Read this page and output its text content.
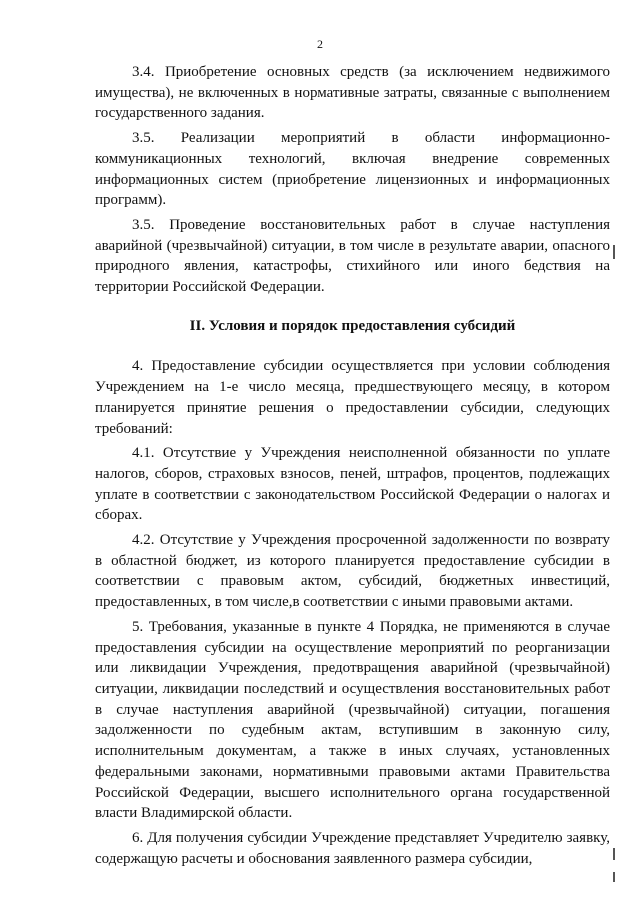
2

3.4. Приобретение основных средств (за исключением недвижимого имущества), не включенных в нормативные затраты, связанные с выполнением государственного задания.

3.5. Реализации мероприятий в области информационно-коммуникационных технологий, включая внедрение современных информационных систем (приобретение лицензионных и информационных программ).

3.5. Проведение восстановительных работ в случае наступления аварийной (чрезвычайной) ситуации, в том числе в результате аварии, опасного природного явления, катастрофы, стихийного или иного бедствия на территории Российской Федерации.

II. Условия и порядок предоставления субсидий

4. Предоставление субсидии осуществляется при условии соблюдения Учреждением на 1-е число месяца, предшествующего месяцу, в котором планируется принятие решения о предоставлении субсидии, следующих требований:

4.1. Отсутствие у Учреждения неисполненной обязанности по уплате налогов, сборов, страховых взносов, пеней, штрафов, процентов, подлежащих уплате в соответствии с законодательством Российской Федерации о налогах и сборах.

4.2. Отсутствие у Учреждения просроченной задолженности по возврату в областной бюджет, из которого планируется предоставление субсидии в соответствии с правовым актом, субсидий, бюджетных инвестиций, предоставленных, в том числе,в соответствии с иными правовыми актами.

5. Требования, указанные в пункте 4 Порядка, не применяются в случае предоставления субсидии на осуществление мероприятий по реорганизации или ликвидации Учреждения, предотвращения аварийной (чрезвычайной) ситуации, ликвидации последствий и осуществления восстановительных работ в случае наступления аварийной (чрезвычайной) ситуации, погашения задолженности по судебным актам, вступившим в законную силу, исполнительным документам, а также в иных случаях, установленных федеральными законами, нормативными правовыми актами Правительства Российской Федерации, высшего исполнительного органа государственной власти Владимирской области.

6. Для получения субсидии Учреждение представляет Учредителю заявку, содержащую расчеты и обоснования заявленного размера субсидии,
